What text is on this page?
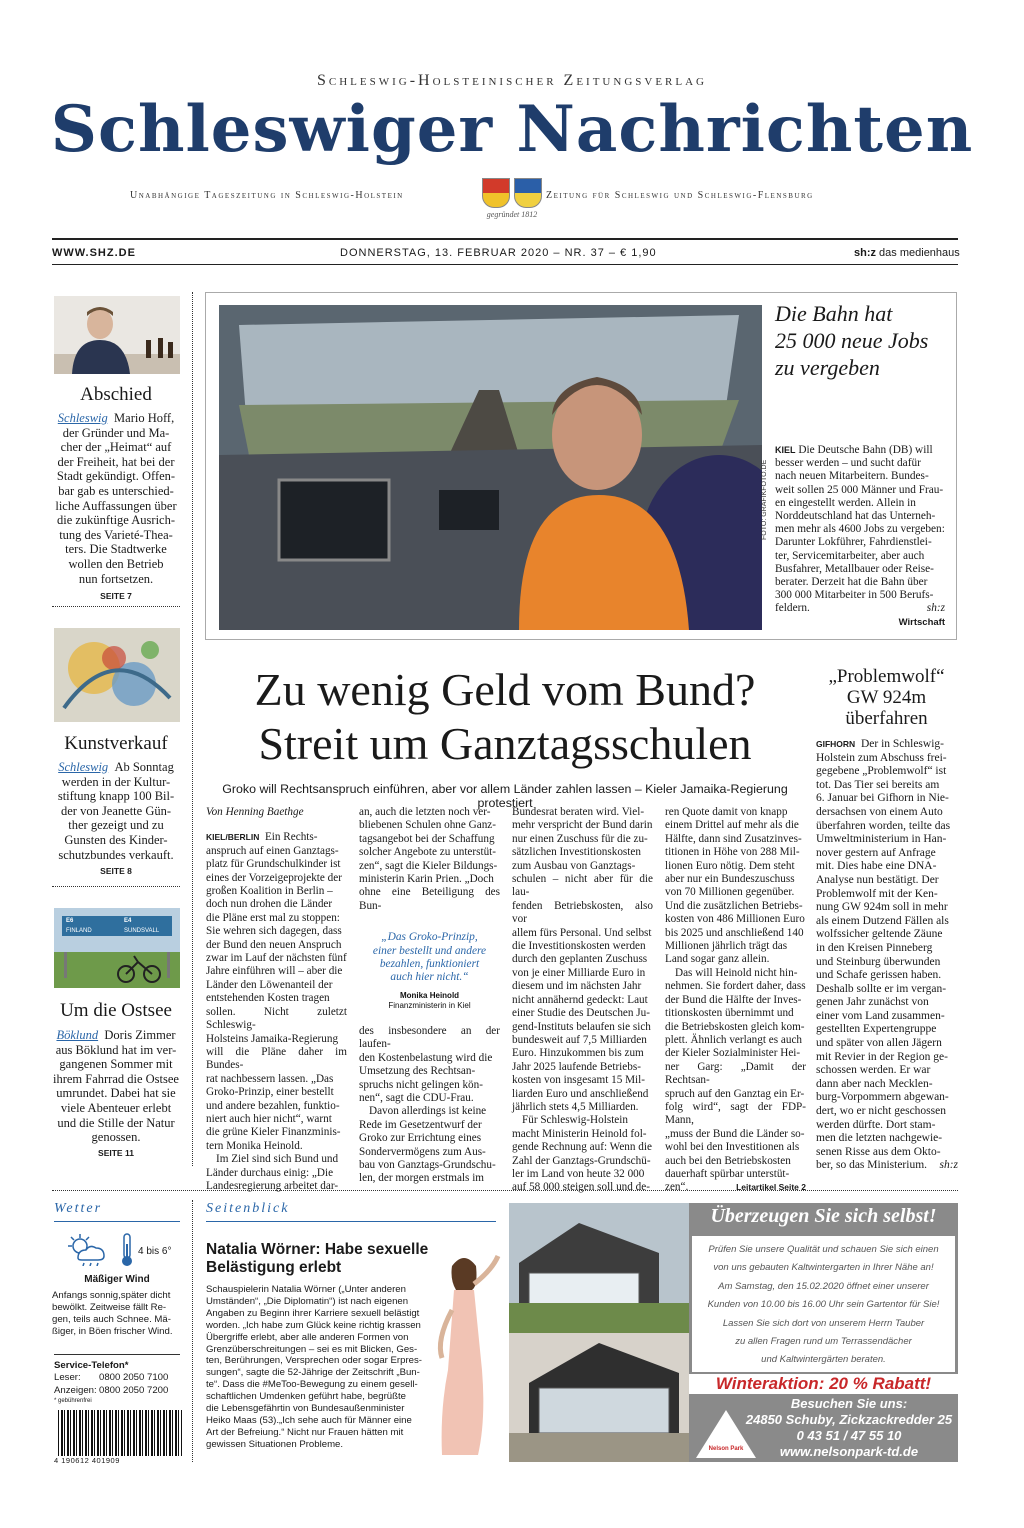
Schleswig-Holsteinischer Zeitungsverlag
Schleswiger Nachrichten
Unabhängige Tageszeitung in Schleswig-Holstein
gegründet 1812
Zeitung für Schleswig und Schleswig-Flensburg
WWW.SHZ.DE	DONNERSTAG, 13. FEBRUAR 2020 – NR. 37 – € 1,90	sh:z das medienhaus
Abschied
Schleswig Mario Hoff,
der Gründer und Ma-
cher der „Heimat“ auf
der Freiheit, hat bei der
Stadt gekündigt. Offen-
bar gab es unterschied-
liche Auffassungen über
die zukünftige Ausrich-
tung des Varieté-Thea-
ters. Die Stadtwerke
wollen den Betrieb
nun fortsetzen.
SEITE 7
Kunstverkauf
Schleswig Ab Sonntag
werden in der Kultur-
stiftung knapp 100 Bil-
der von Jeanette Gün-
ther gezeigt und zu
Gunsten des Kinder-
schutzbundes verkauft.
SEITE 8
E6
FINLAND
E4
SUNDSVALL
Um die Ostsee
Böklund Doris Zimmer
aus Böklund hat im ver-
gangenen Sommer mit
ihrem Fahrrad die Ostsee
umrundet. Dabei hat sie
viele Abenteuer erlebt
und die Stille der Natur
genossen.
SEITE 11
FOTO: GRAFIKFOTO.DE
Die Bahn hat
25 000 neue Jobs
zu vergeben
KIEL Die Deutsche Bahn (DB) will
besser werden – und sucht dafür
nach neuen Mitarbeitern. Bundes-
weit sollen 25 000 Männer und Frau-
en eingestellt werden. Allein in
Norddeutschland hat das Unterneh-
men mehr als 4600 Jobs zu vergeben:
Darunter Lokführer, Fahrdienstlei-
ter, Servicemitarbeiter, aber auch
Busfahrer, Metallbauer oder Reise-
berater. Derzeit hat die Bahn über
300 000 Mitarbeiter in 500 Berufs-
feldern.	sh:z
Wirtschaft
Zu wenig Geld vom Bund?
Streit um Ganztagsschulen
Groko will Rechtsanspruch einführen, aber vor allem Länder zahlen lassen – Kieler Jamaika-Regierung protestiert
Von Henning Baethge
KIEL/BERLIN Ein Rechts-
anspruch auf einen Ganztags-
platz für Grundschulkinder ist
eines der Vorzeigeprojekte der
großen Koalition in Berlin –
doch nun drohen die Länder
die Pläne erst mal zu stoppen:
Sie wehren sich dagegen, dass
der Bund den neuen Anspruch
zwar im Lauf der nächsten fünf
Jahre einführen will – aber die
Länder den Löwenanteil der
entstehenden Kosten tragen
sollen. Nicht zuletzt Schleswig-
Holsteins Jamaika-Regierung
will die Pläne daher im Bundes-
rat nachbessern lassen. „Das
Groko-Prinzip, einer bestellt
und andere bezahlen, funktio-
niert auch hier nicht“, warnt
die grüne Kieler Finanzminis-
tern Monika Heinold.
Im Ziel sind sich Bund und
Länder durchaus einig: „Die
Landesregierung arbeitet dar-
an, auch die letzten noch ver-
bliebenen Schulen ohne Ganz-
tagsangebot bei der Schaffung
solcher Angebote zu unterstüt-
zen“, sagt die Kieler Bildungs-
ministerin Karin Prien. „Doch
ohne eine Beteiligung des Bun-
„Das Groko-Prinzip,
einer bestellt und andere
bezahlen, funktioniert
auch hier nicht.“
Monika Heinold
Finanzministerin in Kiel
des insbesondere an der laufen-
den Kostenbelastung wird die
Umsetzung des Rechtsan-
spruchs nicht gelingen kön-
nen“, sagt die CDU-Frau.
Davon allerdings ist keine
Rede im Gesetzentwurf der
Groko zur Errichtung eines
Sondervermögens zum Aus-
bau von Ganztags-Grundschu-
len, der morgen erstmals im
Bundesrat beraten wird. Viel-
mehr verspricht der Bund darin
nur einen Zuschuss für die zu-
sätzlichen Investitionskosten
zum Ausbau von Ganztags-
schulen – nicht aber für die lau-
fenden Betriebskosten, also vor
allem fürs Personal. Und selbst
die Investitionskosten werden
durch den geplanten Zuschuss
von je einer Milliarde Euro in
diesem und im nächsten Jahr
nicht annähernd gedeckt: Laut
einer Studie des Deutschen Ju-
gend-Instituts belaufen sie sich
bundesweit auf 7,5 Milliarden
Euro. Hinzukommen bis zum
Jahr 2025 laufende Betriebs-
kosten von insgesamt 15 Mil-
liarden Euro und anschließend
jährlich stets 4,5 Milliarden.
Für Schleswig-Holstein
macht Ministerin Heinold fol-
gende Rechnung auf: Wenn die
Zahl der Ganztags-Grundschü-
ler im Land von heute 32 000
auf 58 000 steigen soll und de-
ren Quote damit von knapp
einem Drittel auf mehr als die
Hälfte, dann sind Zusatzinves-
titionen in Höhe von 288 Mil-
lionen Euro nötig. Dem steht
aber nur ein Bundeszuschuss
von 70 Millionen gegenüber.
Und die zusätzlichen Betriebs-
kosten von 486 Millionen Euro
bis 2025 und anschließend 140
Millionen jährlich trägt das
Land sogar ganz allein.
Das will Heinold nicht hin-
nehmen. Sie fordert daher, dass
der Bund die Hälfte der Inves-
titionskosten übernimmt und
die Betriebskosten gleich kom-
plett. Ähnlich verlangt es auch
der Kieler Sozialminister Hei-
ner Garg: „Damit der Rechtsan-
spruch auf den Ganztag ein Er-
folg wird“, sagt der FDP-Mann,
„muss der Bund die Länder so-
wohl bei den Investitionen als
auch bei den Betriebskosten
dauerhaft spürbar unterstüt-
zen“.	Leitartikel Seite 2
„Problemwolf“
GW 924m
überfahren
GIFHORN Der in Schleswig-
Holstein zum Abschuss frei-
gegebene „Problemwolf“ ist
tot. Das Tier sei bereits am
6. Januar bei Gifhorn in Nie-
dersachsen von einem Auto
überfahren worden, teilte das
Umweltministerium in Han-
nover gestern auf Anfrage
mit. Dies habe eine DNA-
Analyse nun bestätigt. Der
Problemwolf mit der Ken-
nung GW 924m soll in mehr
als einem Dutzend Fällen als
wolfssicher geltende Zäune
in den Kreisen Pinneberg
und Steinburg überwunden
und Schafe gerissen haben.
Deshalb sollte er im vergan-
genen Jahr zunächst von
einer vom Land zusammen-
gestellten Expertengruppe
und später von allen Jägern
mit Revier in der Region ge-
schossen werden. Er war
dann aber nach Mecklen-
burg-Vorpommern abgewan-
dert, wo er nicht geschossen
werden dürfte. Dort stam-
men die letzten nachgewie-
senen Risse aus dem Okto-
ber, so das Ministerium. sh:z
Wetter
4 bis 6°
Mäßiger Wind
Anfangs sonnig,später dicht
bewölkt. Zeitweise fällt Re-
gen, teils auch Schnee. Mä-
ßiger, in Böen frischer Wind.
Service-Telefon*
Leser: 0800 2050 7100
Anzeigen: 0800 2050 7200
* gebührenfrei
4 190612 401909
Seitenblick
Natalia Wörner: Habe sexuelle
Belästigung erlebt
Schauspielerin Natalia Wörner („Unter anderen
Umständen“, „Die Diplomatin“) ist nach eigenen
Angaben zu Beginn ihrer Karriere sexuell belästigt
worden. „Ich habe zum Glück keine richtig krassen
Übergriffe erlebt, aber alle anderen Formen von
Grenzüberschreitungen – sei es mit Blicken, Ges-
ten, Berührungen, Versprechen oder sogar Erpres-
sungen“, sagte die 52-Jährige der Zeitschrift „Bun-
te“. Dass die #MeToo-Bewegung zu einem gesell-
schaftlichen Umdenken geführt habe, begrüßte
die Lebensgefährtin von Bundesaußenminister
Heiko Maas (53).„Ich sehe auch für Männer eine
Art der Befreiung.“ Nicht nur Frauen hätten mit
gewissen Situationen Probleme.
Überzeugen Sie sich selbst!
Prüfen Sie unsere Qualität und schauen Sie sich einen
von uns gebauten Kaltwintergarten in Ihrer Nähe an!
Am Samstag, den 15.02.2020 öffnet einer unserer
Kunden von 10.00 bis 16.00 Uhr sein Gartentor für Sie!
Lassen Sie sich dort von unserem Herrn Tauber
zu allen Fragen rund um Terrassendächer
und Kaltwintergärten beraten.
Winteraktion: 20 % Rabatt!
Nelson Park
Besuchen Sie uns:
24850 Schuby, Zickzackredder 25
0 43 51 / 47 55 10
www.nelsonpark-td.de
